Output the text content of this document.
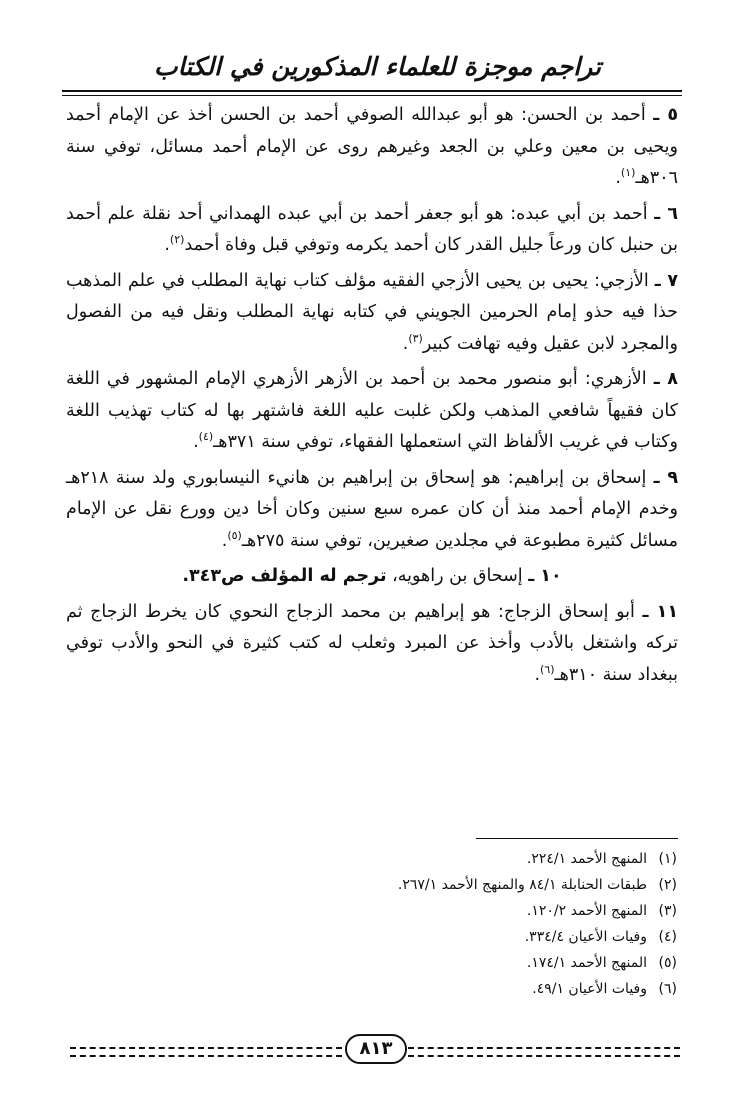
تراجم موجزة للعلماء المذكورين في الكتاب

٥ ـ أحمد بن الحسن: هو أبو عبدالله الصوفي أحمد بن الحسن أخذ عن الإمام أحمد ويحيى بن معين وعلي بن الجعد وغيرهم روى عن الإمام أحمد مسائل، توفي سنة ٣٠٦هـ$^{(١)}$.

٦ ـ أحمد بن أبي عبده: هو أبو جعفر أحمد بن أبي عبده الهمداني أحد نقلة علم أحمد بن حنبل كان ورعاً جليل القدر كان أحمد يكرمه وتوفي قبل وفاة أحمد$^{(٢)}$.

٧ ـ الأزجي: يحيى بن يحيى الأزجي الفقيه مؤلف كتاب نهاية المطلب في علم المذهب حذا فيه حذو إمام الحرمين الجويني في كتابه نهاية المطلب ونقل فيه من الفصول والمجرد لابن عقيل وفيه تهافت كبير$^{(٣)}$.

٨ ـ الأزهري: أبو منصور محمد بن أحمد بن الأزهر الأزهري الإمام المشهور في اللغة كان فقيهاً شافعي المذهب ولكن غلبت عليه اللغة فاشتهر بها له كتاب تهذيب اللغة وكتاب في غريب الألفاظ التي استعملها الفقهاء، توفي سنة ٣٧١هـ$^{(٤)}$.

٩ ـ إسحاق بن إبراهيم: هو إسحاق بن إبراهيم بن هانيء النيسابوري ولد سنة ٢١٨هـ وخدم الإمام أحمد منذ أن كان عمره سبع سنين وكان أخا دين وورع نقل عن الإمام مسائل كثيرة مطبوعة في مجلدين صغيرين، توفي سنة ٢٧٥هـ$^{(٥)}$.

١٠ ـ إسحاق بن راهويه، ترجم له المؤلف ص٣٤٣.

١١ ـ أبو إسحاق الزجاج: هو إبراهيم بن محمد الزجاج النحوي كان يخرط الزجاج ثم تركه واشتغل بالأدب وأخذ عن المبرد وثعلب له كتب كثيرة في النحو والأدب توفي ببغداد سنة ٣١٠هـ$^{(٦)}$.

(١)المنهج الأحمد ٢٢٤/١.
(٢)طبقات الحنابلة ٨٤/١ والمنهج الأحمد ٢٦٧/١.
(٣)المنهج الأحمد ١٢٠/٢.
(٤)وفيات الأعيان ٣٣٤/٤.
(٥)المنهج الأحمد ١٧٤/١.
(٦)وفيات الأعيان ٤٩/١.
٨١٣
